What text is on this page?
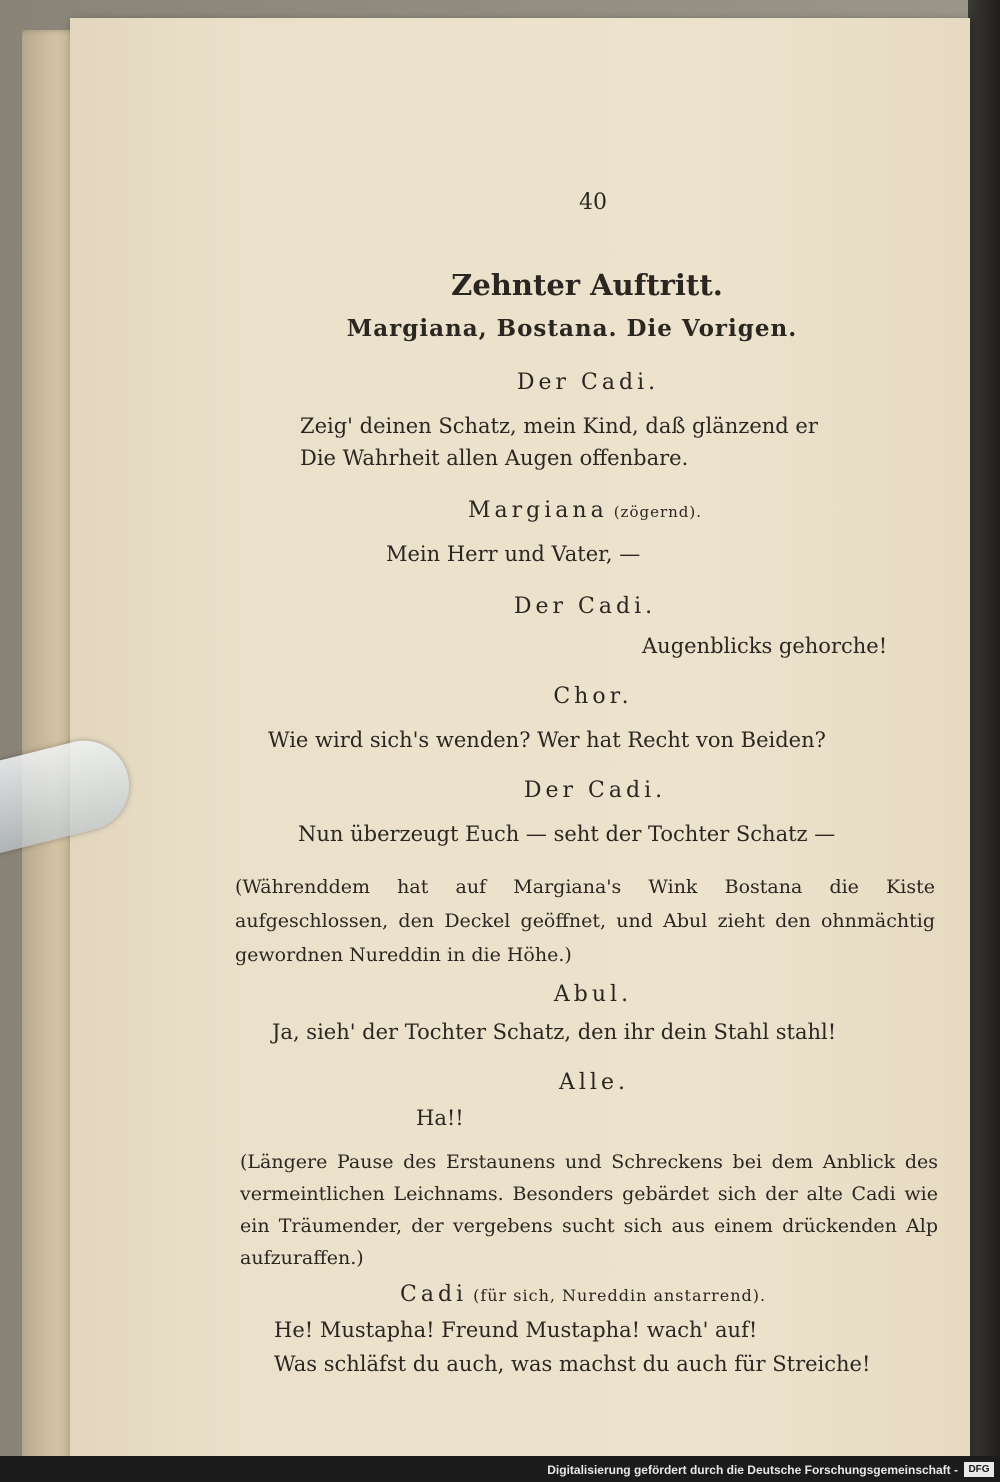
40
Zehnter Auftritt.
Margiana, Bostana. Die Vorigen.
Der Cadi.
Zeig' deinen Schatz, mein Kind, daß glänzend er
Die Wahrheit allen Augen offenbare.
Margiana (zögernd).
Mein Herr und Vater, —
Der Cadi.
Augenblicks gehorche!
Chor.
Wie wird sich's wenden? Wer hat Recht von Beiden?
Der Cadi.
Nun überzeugt Euch — seht der Tochter Schatz —
(Währenddem hat auf Margiana's Wink Bostana die Kiste aufgeschlossen, den Deckel geöffnet, und Abul zieht den ohnmächtig gewordnen Nureddin in die Höhe.)
Abul.
Ja, sieh' der Tochter Schatz, den ihr dein Stahl stahl!
Alle.
Ha!!
(Längere Pause des Erstaunens und Schreckens bei dem Anblick des vermeintlichen Leichnams. Besonders gebärdet sich der alte Cadi wie ein Träumender, der vergebens sucht sich aus einem drückenden Alp aufzuraffen.)
Cadi (für sich, Nureddin anstarrend).
He! Mustapha! Freund Mustapha! wach' auf!
Was schläfst du auch, was machst du auch für Streiche!
Digitalisierung gefördert durch die Deutsche Forschungsgemeinschaft -	DFG
